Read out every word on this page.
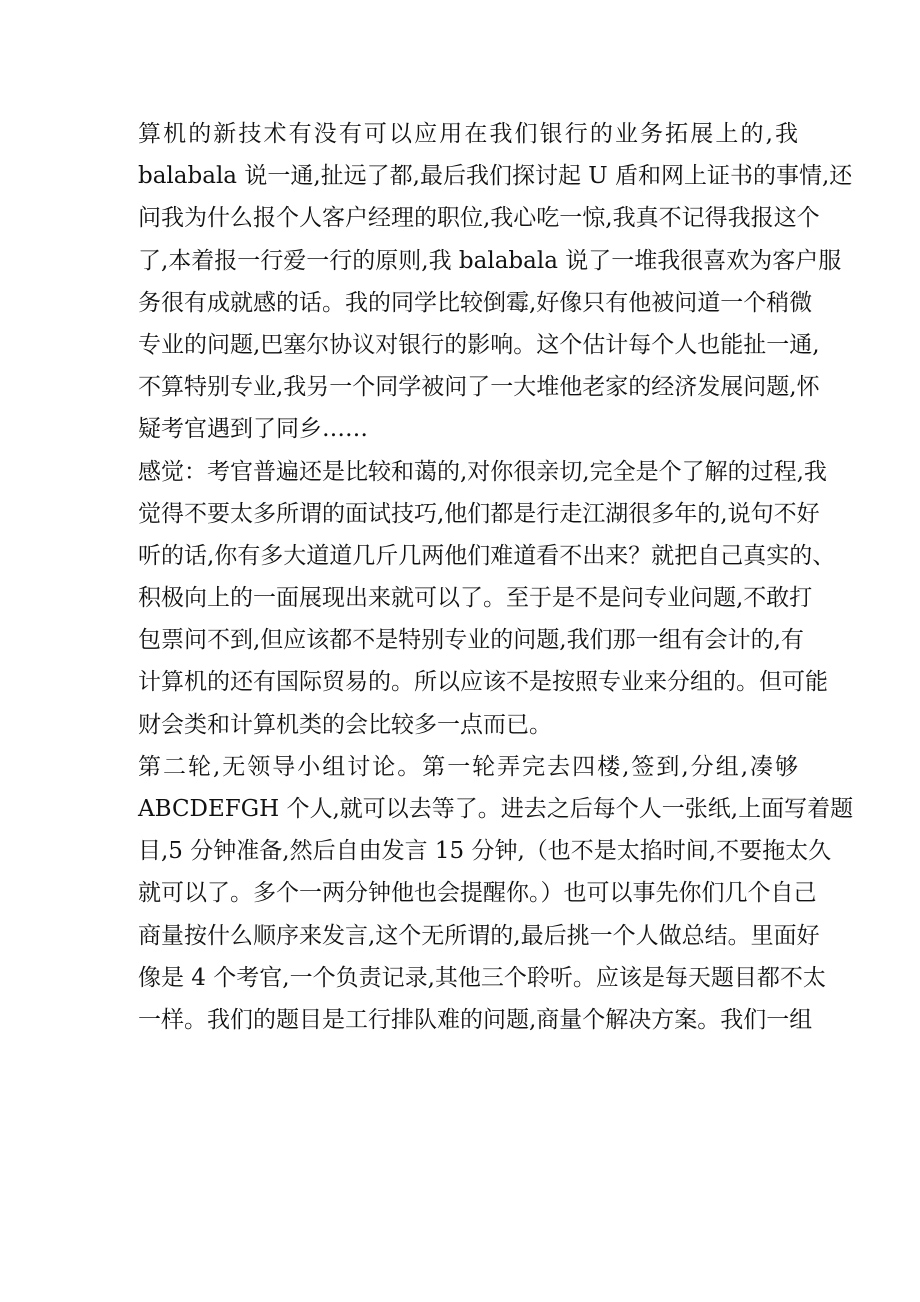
算机的新技术有没有可以应用在我们银行的业务拓展上的,我
balabala 说一通,扯远了都,最后我们探讨起 U 盾和网上证书的事情,还
问我为什么报个人客户经理的职位,我心吃一惊,我真不记得我报这个
了,本着报一行爱一行的原则,我 balabala 说了一堆我很喜欢为客户服
务很有成就感的话。我的同学比较倒霉,好像只有他被问道一个稍微
专业的问题,巴塞尔协议对银行的影响。这个估计每个人也能扯一通,
不算特别专业,我另一个同学被问了一大堆他老家的经济发展问题,怀
疑考官遇到了同乡……
感觉：考官普遍还是比较和蔼的,对你很亲切,完全是个了解的过程,我
觉得不要太多所谓的面试技巧,他们都是行走江湖很多年的,说句不好
听的话,你有多大道道几斤几两他们难道看不出来？就把自己真实的、
积极向上的一面展现出来就可以了。至于是不是问专业问题,不敢打
包票问不到,但应该都不是特别专业的问题,我们那一组有会计的,有
计算机的还有国际贸易的。所以应该不是按照专业来分组的。但可能
财会类和计算机类的会比较多一点而已。
第二轮,无领导小组讨论。第一轮弄完去四楼,签到,分组,凑够
ABCDEFGH 个人,就可以去等了。进去之后每个人一张纸,上面写着题
目,5 分钟准备,然后自由发言 15 分钟,（也不是太掐时间,不要拖太久
就可以了。多个一两分钟他也会提醒你。）也可以事先你们几个自己
商量按什么顺序来发言,这个无所谓的,最后挑一个人做总结。里面好
像是 4 个考官,一个负责记录,其他三个聆听。应该是每天题目都不太
一样。我们的题目是工行排队难的问题,商量个解决方案。我们一组
